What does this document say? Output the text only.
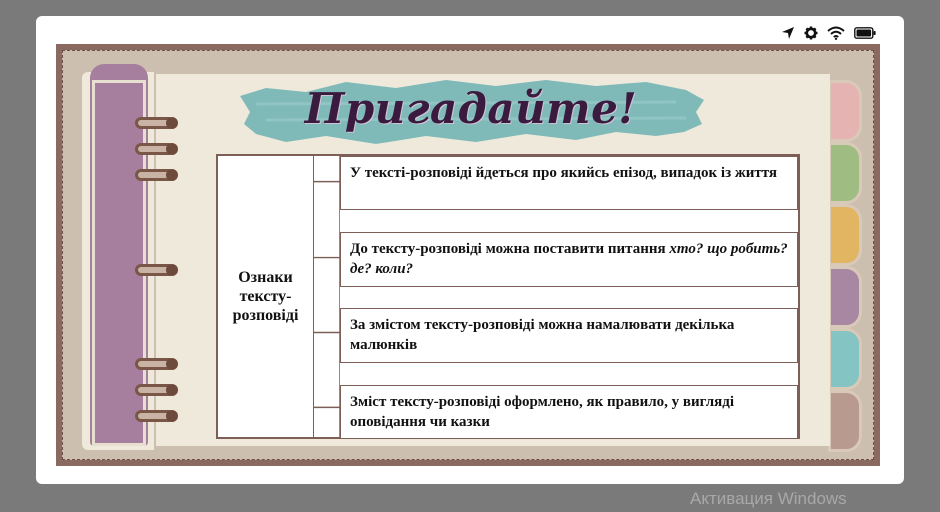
Пригадайте!
Ознаки
тексту-
розповіді
У тексті-розповіді йдеться про якийсь епізод, випадок із життя
До тексту-розповіді можна поставити питання хто? що робить? де? коли?
За змістом тексту-розповіді можна намалювати декілька малюнків
Зміст тексту-розповіді оформлено, як правило, у вигляді оповідання чи казки
Активация Windows
